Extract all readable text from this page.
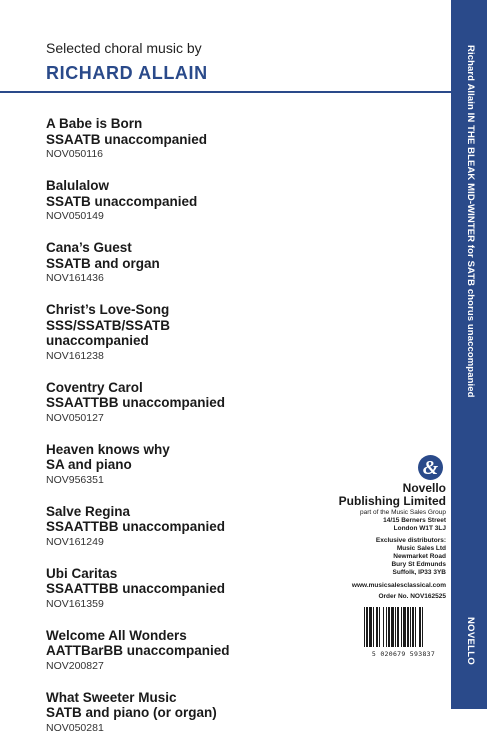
Selected choral music by
RICHARD ALLAIN
A Babe is Born
SSAATB unaccompanied
NOV050116
Balulalow
SSATB unaccompanied
NOV050149
Cana’s Guest
SSATB and organ
NOV161436
Christ’s Love-Song
SSS/SSATB/SSATB
unaccompanied
NOV161238
Coventry Carol
SSAATTBB unaccompanied
NOV050127
Heaven knows why
SA and piano
NOV956351
Salve Regina
SSAATTBB unaccompanied
NOV161249
Ubi Caritas
SSAATTBB unaccompanied
NOV161359
Welcome All Wonders
AATTBarBB unaccompanied
NOV200827
What Sweeter Music
SATB and piano (or organ)
NOV050281
&
Novello
Publishing Limited
part of the Music Sales Group
14/15 Berners Street
London W1T 3LJ
Exclusive distributors:
Music Sales Ltd
Newmarket Road
Bury St Edmunds
Suffolk, IP33 3YB
www.musicsalesclassical.com
Order No. NOV162525
5 020679 593837
Richard Allain IN THE BLEAK MID-WINTER for SATB chorus unaccompanied
NOVELLO
